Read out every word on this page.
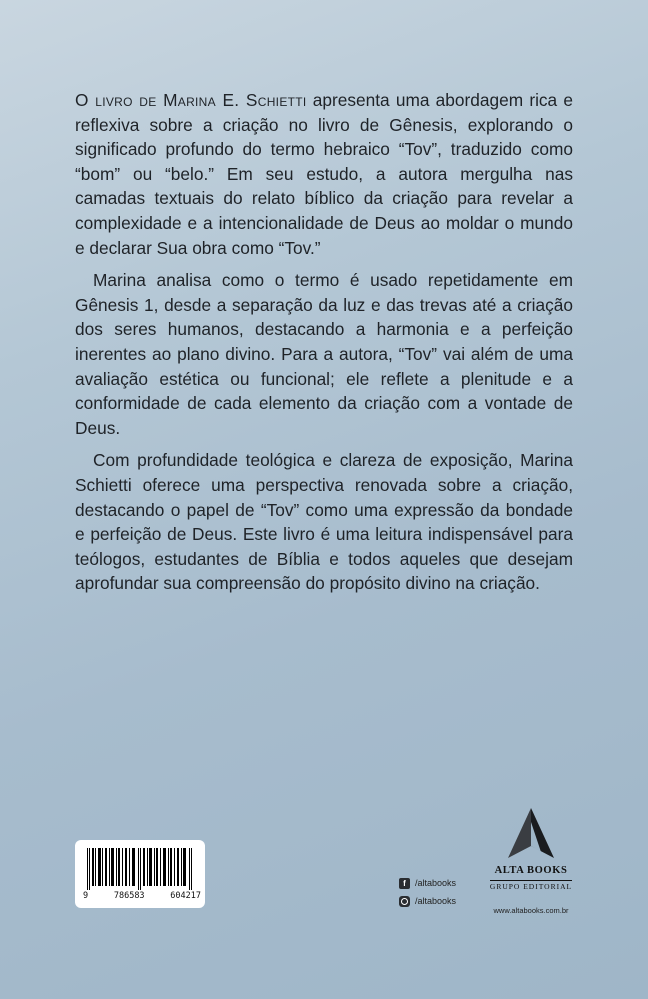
O livro de Marina E. Schietti apresenta uma abordagem rica e reflexiva sobre a criação no livro de Gênesis, explorando o significado profundo do termo hebraico “Tov”, traduzido como “bom” ou “belo.” Em seu estudo, a autora mergulha nas camadas textuais do relato bíblico da criação para revelar a complexidade e a intencionalidade de Deus ao moldar o mundo e declarar Sua obra como “Tov.”

Marina analisa como o termo é usado repetidamente em Gênesis 1, desde a separação da luz e das trevas até a criação dos seres humanos, destacando a harmonia e a perfeição inerentes ao plano divino. Para a autora, “Tov” vai além de uma avaliação estética ou funcional; ele reflete a plenitude e a conformidade de cada elemento da criação com a vontade de Deus.

Com profundidade teológica e clareza de exposição, Marina Schietti oferece uma perspectiva renovada sobre a criação, destacando o papel de “Tov” como uma expressão da bondade e perfeição de Deus. Este livro é uma leitura indispensável para teólogos, estudantes de Bíblia e todos aqueles que desejam aprofundar sua compreensão do propósito divino na criação.

9	786583	604217
f	/altabooks
/altabooks
ALTA BOOKS
GRUPO EDITORIAL
www.altabooks.com.br
